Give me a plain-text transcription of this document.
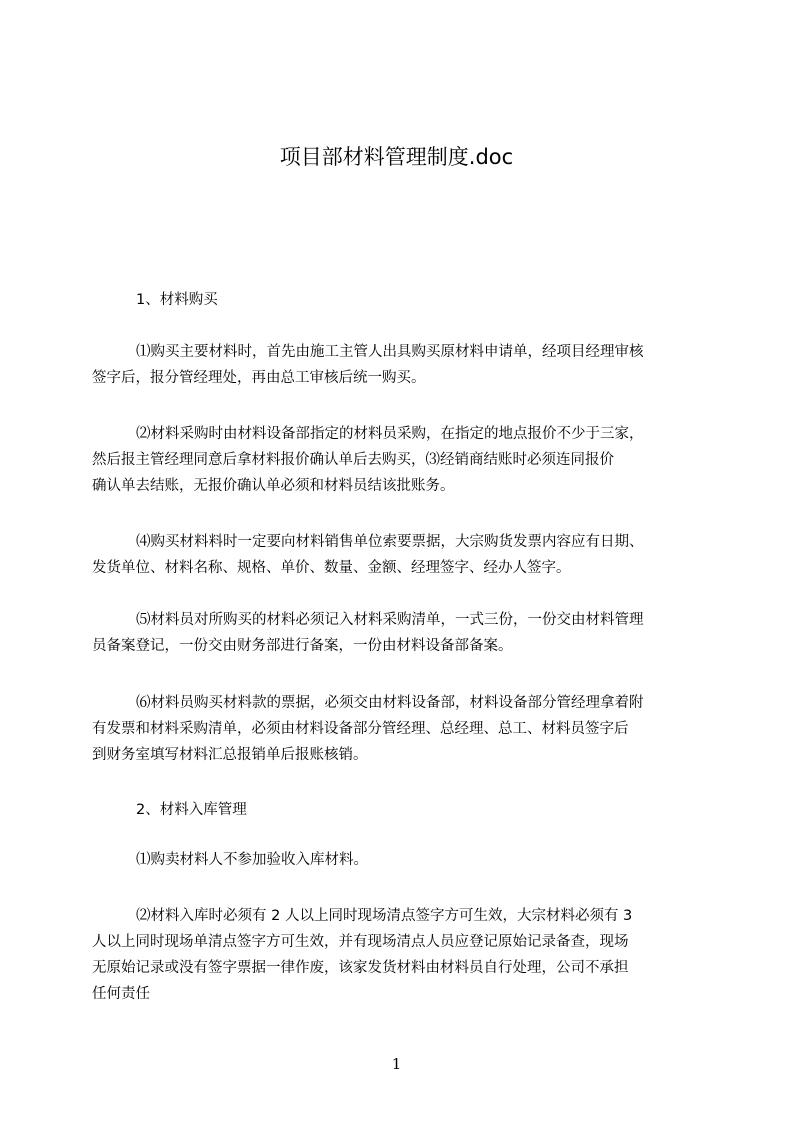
项目部材料管理制度.doc
1、材料购买
⑴购买主要材料时，首先由施工主管人出具购买原材料申请单，经项目经理审核
签字后，报分管经理处，再由总工审核后统一购买。
⑵材料采购时由材料设备部指定的材料员采购，在指定的地点报价不少于三家，
然后报主管经理同意后拿材料报价确认单后去购买，⑶经销商结账时必须连同报价
确认单去结账，无报价确认单必须和材料员结该批账务。
⑷购买材料料时一定要向材料销售单位索要票据，大宗购货发票内容应有日期、
发货单位、材料名称、规格、单价、数量、金额、经理签字、经办人签字。
⑸材料员对所购买的材料必须记入材料采购清单，一式三份，一份交由材料管理
员备案登记，一份交由财务部进行备案，一份由材料设备部备案。
⑹材料员购买材料款的票据，必须交由材料设备部，材料设备部分管经理拿着附
有发票和材料采购清单，必须由材料设备部分管经理、总经理、总工、材料员签字后
到财务室填写材料汇总报销单后报账核销。
2、材料入库管理
⑴购卖材料人不参加验收入库材料。
⑵材料入库时必须有 2 人以上同时现场清点签字方可生效，大宗材料必须有 3
人以上同时现场单清点签字方可生效，并有现场清点人员应登记原始记录备查，现场
无原始记录或没有签字票据一律作废，该家发货材料由材料员自行处理，公司不承担
任何责任
1
